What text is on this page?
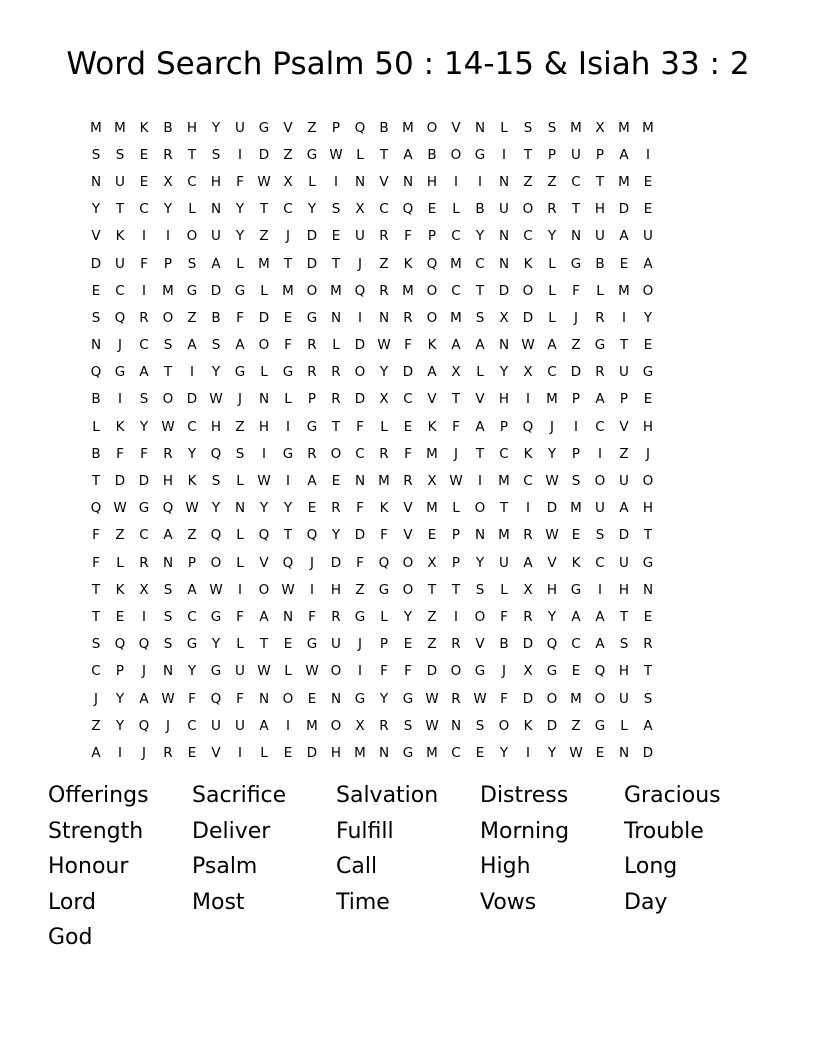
Word Search Psalm 50 : 14-15 & Isiah 33 : 2
M M	K	B	H	Y	U	G	V	Z	P	Q	B	M O	V	N	L	S	S	M	X	M M
S	S	E	R	T	S	I	D	Z	G W	L	T	A	B	O G	I	T	P	U	P	A	I
N	U	E	X	C	H	F W X	L	I	N	V	N	H	I	I	N	Z	Z	C	T	M	E
Y	T	C	Y	L	N	Y	T	C	Y	S	X	C	Q	E	L	B	U	O	R	T	H	D	E
V	K	I	I	O	U	Y	Z	J	D	E	U	R	F	P	C	Y	N	C	Y	N	U	A	U
D	U	F	P	S	A	L	M	T	D	T	J	Z	K	Q M C	N	K	L	G	B	E	A
E	C	I	M G	D	G	L	M O M Q	R M O	C	T	D O	L	F	L	M O
S	Q	R	O	Z	B	F	D	E	G	N	I	N	R	O M	S	X	D	L	J	R	I	Y
N	J	C	S	A	S	A	O	F	R	L	D W F	K	A	A	N W A	Z	G	T	E
Q G	A	T	I	Y	G	L	G	R	R	O	Y	D	A	X	L	Y	X	C	D	R	U	G
B	I	S	O D W	J	N	L	P	R	D	X	C	V	T	V	H	I	M	P	A	P	E
L	K	Y W C	H	Z	H	I	G	T	F	L	E	K	F	A	P	Q	J	I	C	V	H
B	F	F	R	Y	Q	S	I	G	R	O	C	R	F	M	J	T	C	K	Y	P	I	Z	J
T	D	D	H	K	S	L	W	I	A	E	N M R	X W	I	M C W S	O	U	O
Q W G Q W Y	N	Y	Y	E	R	F	K	V	M	L	O	T	I	D M U	A	H
F	Z	C	A	Z	Q	L	Q	T	Q	Y	D	F	V	E	P	N M R W E	S	D	T
F	L	R	N	P	O	L	V	Q	J	D	F	Q O	X	P	Y	U	A	V	K	C	U	G
T	K	X	S	A W	I	O W	I	H	Z	G O	T	T	S	L	X	H	G	I	H	N
T	E	I	S	C	G	F	A	N	F	R	G	L	Y	Z	I	O	F	R	Y	A	A	T	E
S	Q Q	S	G	Y	L	T	E	G	U	J	P	E	Z	R	V	B	D Q	C	A	S	R
C	P	J	N	Y	G	U W	L	W O	I	F	F	D O G	J	X	G	E	Q	H	T
J	Y	A W F	Q	F	N	O	E	N	G	Y	G W R W F	D O M O	U	S
Z	Y	Q	J	C	U	U	A	I	M O	X	R	S W N	S	O	K	D	Z	G	L	A
A	I	J	R	E	V	I	L	E	D	H M N	G M C	E	Y	I	Y W E	N	D
Offerings	Sacrifice	Salvation	Distress	Gracious
Strength	Deliver	Fulfill	Morning	Trouble
Honour	Psalm	Call	High	Long
Lord	Most	Time	Vows	Day
God
